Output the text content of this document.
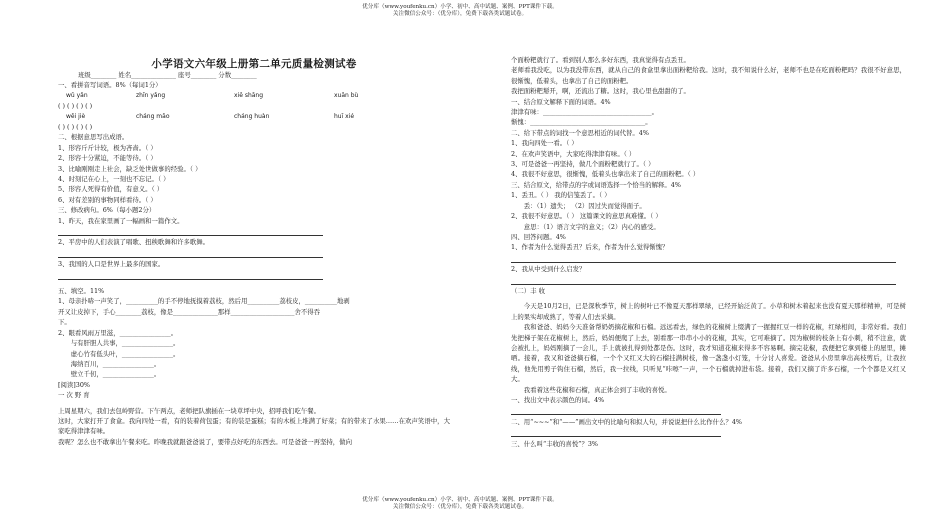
优分库（www.youfenku.cn）小学、初中、高中试题、案例、PPT课件下载。
关注微信公众号：（优分库），免费下载各类试题试卷。
小学语文六年级上册第二单元质量检测试卷
班级________ 姓名______________ 座号________ 分数________
一、看拼音写词语。8%（每词1分）
wǔ yǎn	zhīn yǎng	xiě shāng	xuān bù
( ) ( ) ( ) ( )
wēi jiè	cháng māo	cháng huàn	huī xié
( ) ( ) ( ) ( )
二、根据意思写出成语。
1、形容斤斤计较，极为吝啬。（ ）
2、形容十分紧迫，不能等待。（ ）
3、比喻刚刚走上社会，缺乏处世做事的经验。（ ）
4、时刻记在心上，一刻也不忘记。（ ）
5、形容人死得有价值，有意义。（ ）
6、对有差别的事物同样看待。（ ）
三、修改病句。6%（每小题2分）
1、昨天，我在家里画了一幅画和一篇作文。
2、平房中的人们表演了唱歌、扭秧歌舞和许多歌舞。
3、我国的人口是世界上最多的国家。
五、填空。11%
1、母亲扑哧一声笑了，__________的手不停地抚摸着荔枝，然后用__________荔枝皮，__________地剥
开又让皮掉下，手心________荔枝，像是______________那样____________________舍不得吞
下。
2、眼看风雨万里滋，________________。
与有肝胆人共事，________________。
虚心竹有低头叶，________________。
海纳百川，________________。
壁立千仞，________________。
[阅读]30%
一 次 野 育
上周星期六，我们去包岭野营。下午两点，老师把队旗插在一块草坪中央，招呼我们吃午餐。
这时，大家打开了食盒。我向四处一看，有的装着荷包蛋；有的装是蛋糕；有的木板上堆满了好菜；有的带来了水果……在欢声笑语中，大家吃得津津有味。
我呢？怎么也不敢拿出午餐来吃。昨晚我就跟爸爸说了，要带点好吃的东西去。可是爸爸一再坚持，做向
个面粉粑就行了。看到别人那么多好东西，我真觉得有点丢丑。
老师看我没吃，以为我没带东西，就从自己的食盒里拿出面粉粑给我。这时，我不知说什么好，老师不也是在吃面粉粑吗？我很不好意思，很惭愧，低着头，也拿出了自己的面粉粑。
我把面粉粑掰开，啊，还流出了糖。这时，我心里也甜甜的了。
一、结合原文解释下面的词语。4%
津津有味：__________________________________。
惭愧：____________________________________。
二、给下带点的词找一个意思相近的词代替。4%
1、我向四处一看。（ ）
2、在欢声笑语中，大家吃得津津有味。（ ）
3、可是爸爸一再坚持，做几个面粉粑就行了。（ ）
4、我很不好意思，很惭愧，低着头也拿出来了自己的面粉粑。（ ）
三、结合原文，给带点的字或词语选择一个恰当的解释。4%
1、丢丑。（ ） 我的信笺丢了。（ ）
丢：（1）遗失； （2）因过失而觉得面子。
2、我很不好意思。（ ） 这篇课文的意思真难懂。（ ）
意思：（1）语言文字的意义；（2）内心的感受。
四、回答问题。4%
1、作者为什么觉得丢丑？后来，作者为什么觉得惭愧？
2、我从中受到什么启发？
（二）丰 收
今天是10月2日，已是深秋季节，树上的树叶已不像夏天那样翠绿，已经开始泛黄了。小草和树木着起来也没有夏天那样精神，可是树上的果实却成熟了，等着人们去采摘。
我和爸爸、妈妈今天准备帮奶奶摘花椒和石榴。远远看去，绿色的花椒树上缀满了一握握红豆一样的花椒，红绿相间，非常好看。我们先把梯子架在花椒树上，然后，妈妈便爬了上去，别看那一串串小小的花椒，其实，它可难摘了。因为椒树的枝条上有小刺，稍不注意，就会被扎上，妈妈刚摘了一会儿，手上就被扎得到处都是伤。这时，我才知道花椒来得多不容易啊。摘完花椒，我便把它拿到楼上的屋里，摊晒。接着，我又和爸爸摘石榴，一个个又红又大的石榴挂满树枝，像一盏盏小灯笼，十分讨人喜爱。爸爸从小房里拿出高枝剪后，让我拉线，他先用剪子钩住石榴，然后，我一拉线，只听见“咔嚓”一声，一个石榴就掉进布袋。接着，我们又摘了许多石榴，一个个都是又红又大。
我看着这些花椒和石榴，真正体会到了丰收的喜悦。
一、找出文中表示颜色的词。4%
二、用“~~~”和“——”画出文中的比喻句和拟人句，并说说把什么比作什么？4%
三、什么叫“丰收的喜悦”？3%
优分库（www.youfenku.cn）小学、初中、高中试题、案例、PPT课件下载。
关注微信公众号：（优分库），免费下载各类试题试卷。
